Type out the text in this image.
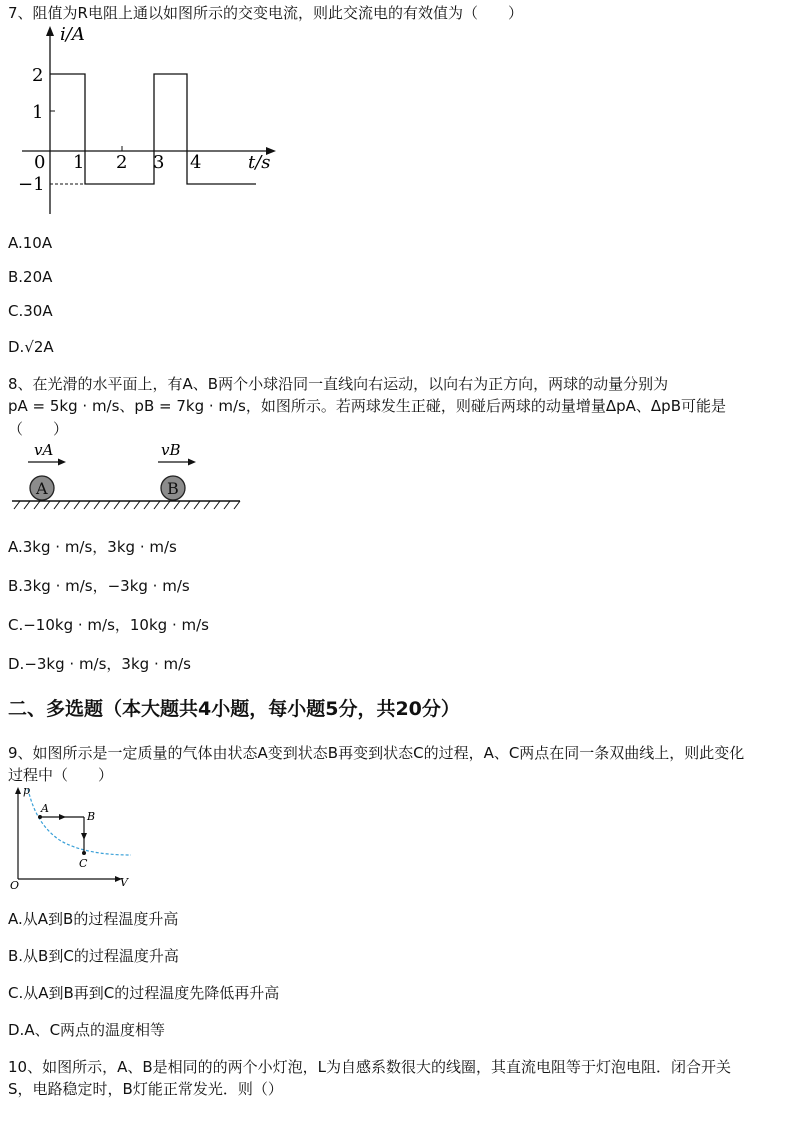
7、阻值为R电阻上通以如图所示的交变电流，则此交流电的有效值为（　　）
i/A
t/s
2
1
−1
0 1 2 3 4
A.10A
B.20A
C.30A
D.√2A
8、在光滑的水平面上，有A、B两个小球沿同一直线向右运动，以向右为正方向，两球的动量分别为
pA = 5kg · m/s、pB = 7kg · m/s，如图所示。若两球发生正碰，则碰后两球的动量增量ΔpA、ΔpB可能是
（　　）
vA	vB
A	B
A.3kg · m/s，3kg · m/s
B.3kg · m/s，−3kg · m/s
C.−10kg · m/s，10kg · m/s
D.−3kg · m/s，3kg · m/s
二、多选题（本大题共4小题，每小题5分，共20分）
9、如图所示是一定质量的气体由状态A变到状态B再变到状态C的过程，A、C两点在同一条双曲线上，则此变化
过程中（　　）
p
V
O
A
B
C
A.从A到B的过程温度升高
B.从B到C的过程温度升高
C.从A到B再到C的过程温度先降低再升高
D.A、C两点的温度相等
10、如图所示，A、B是相同的的两个小灯泡，L为自感系数很大的线圈，其直流电阻等于灯泡电阻．闭合开关
S，电路稳定时，B灯能正常发光．则（）
